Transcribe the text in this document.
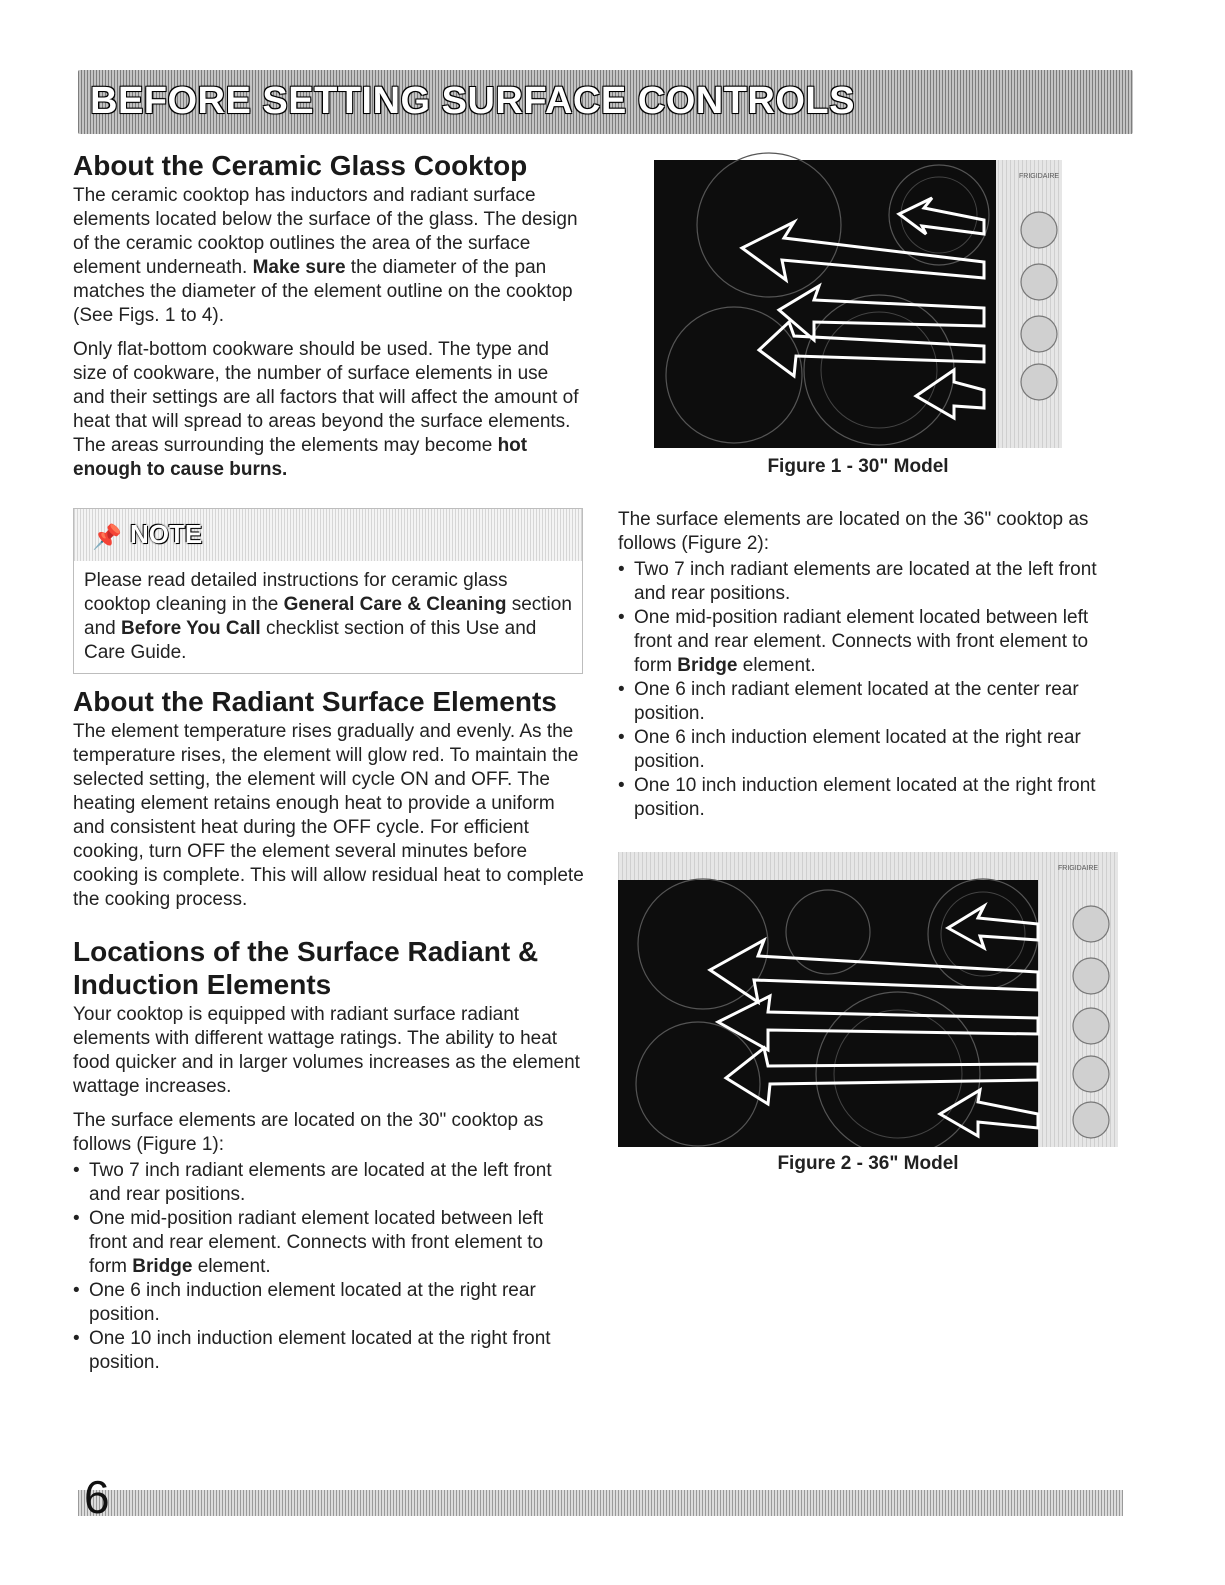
BEFORE SETTING SURFACE CONTROLS
About the Ceramic Glass Cooktop

The ceramic cooktop has inductors and radiant surface elements located below the surface of the glass. The design of the ceramic cooktop outlines the area of the surface element underneath. Make sure the diameter of the pan matches the diameter of the element outline on the cooktop (See Figs. 1 to 4).

Only flat-bottom cookware should be used. The type and size of cookware, the number of surface elements in use and their settings are all factors that will affect the amount of heat that will spread to areas beyond the surface elements. The areas surrounding the elements may become hot enough to cause burns.

📌 NOTE

Please read detailed instructions for ceramic glass cooktop cleaning in the General Care & Cleaning section and Before You Call checklist section of this Use and Care Guide.

About the Radiant Surface Elements

The element temperature rises gradually and evenly. As the temperature rises, the element will glow red. To maintain the selected setting, the element will cycle ON and OFF. The heating element retains enough heat to provide a uniform and consistent heat during the OFF cycle. For efficient cooking, turn OFF the element several minutes before cooking is complete. This will allow residual heat to complete the cooking process.

Locations of the Surface Radiant & Induction Elements

Your cooktop is equipped with radiant surface radiant elements with different wattage ratings. The ability to heat food quicker and in larger volumes increases as the element wattage increases.

The surface elements are located on the 30" cooktop as follows (Figure 1):

• Two 7 inch radiant elements are located at the left front and rear positions.
• One mid-position radiant element located between left front and rear element. Connects with front element to form Bridge element.
• One 6 inch induction element located at the right rear position.
• One 10 inch induction element located at the right front position.
FRIGIDAIRE
Figure 1 - 30" Model

The surface elements are located on the 36" cooktop as follows (Figure 2):

• Two 7 inch radiant elements are located at the left front and rear positions.
• One mid-position radiant element located between left front and rear element. Connects with front element to form Bridge element.
• One 6 inch radiant element located at the center rear position.
• One 6 inch induction element located at the right rear position.
• One 10 inch induction element located at the right front position.
FRIGIDAIRE
Figure 2 - 36" Model
6
